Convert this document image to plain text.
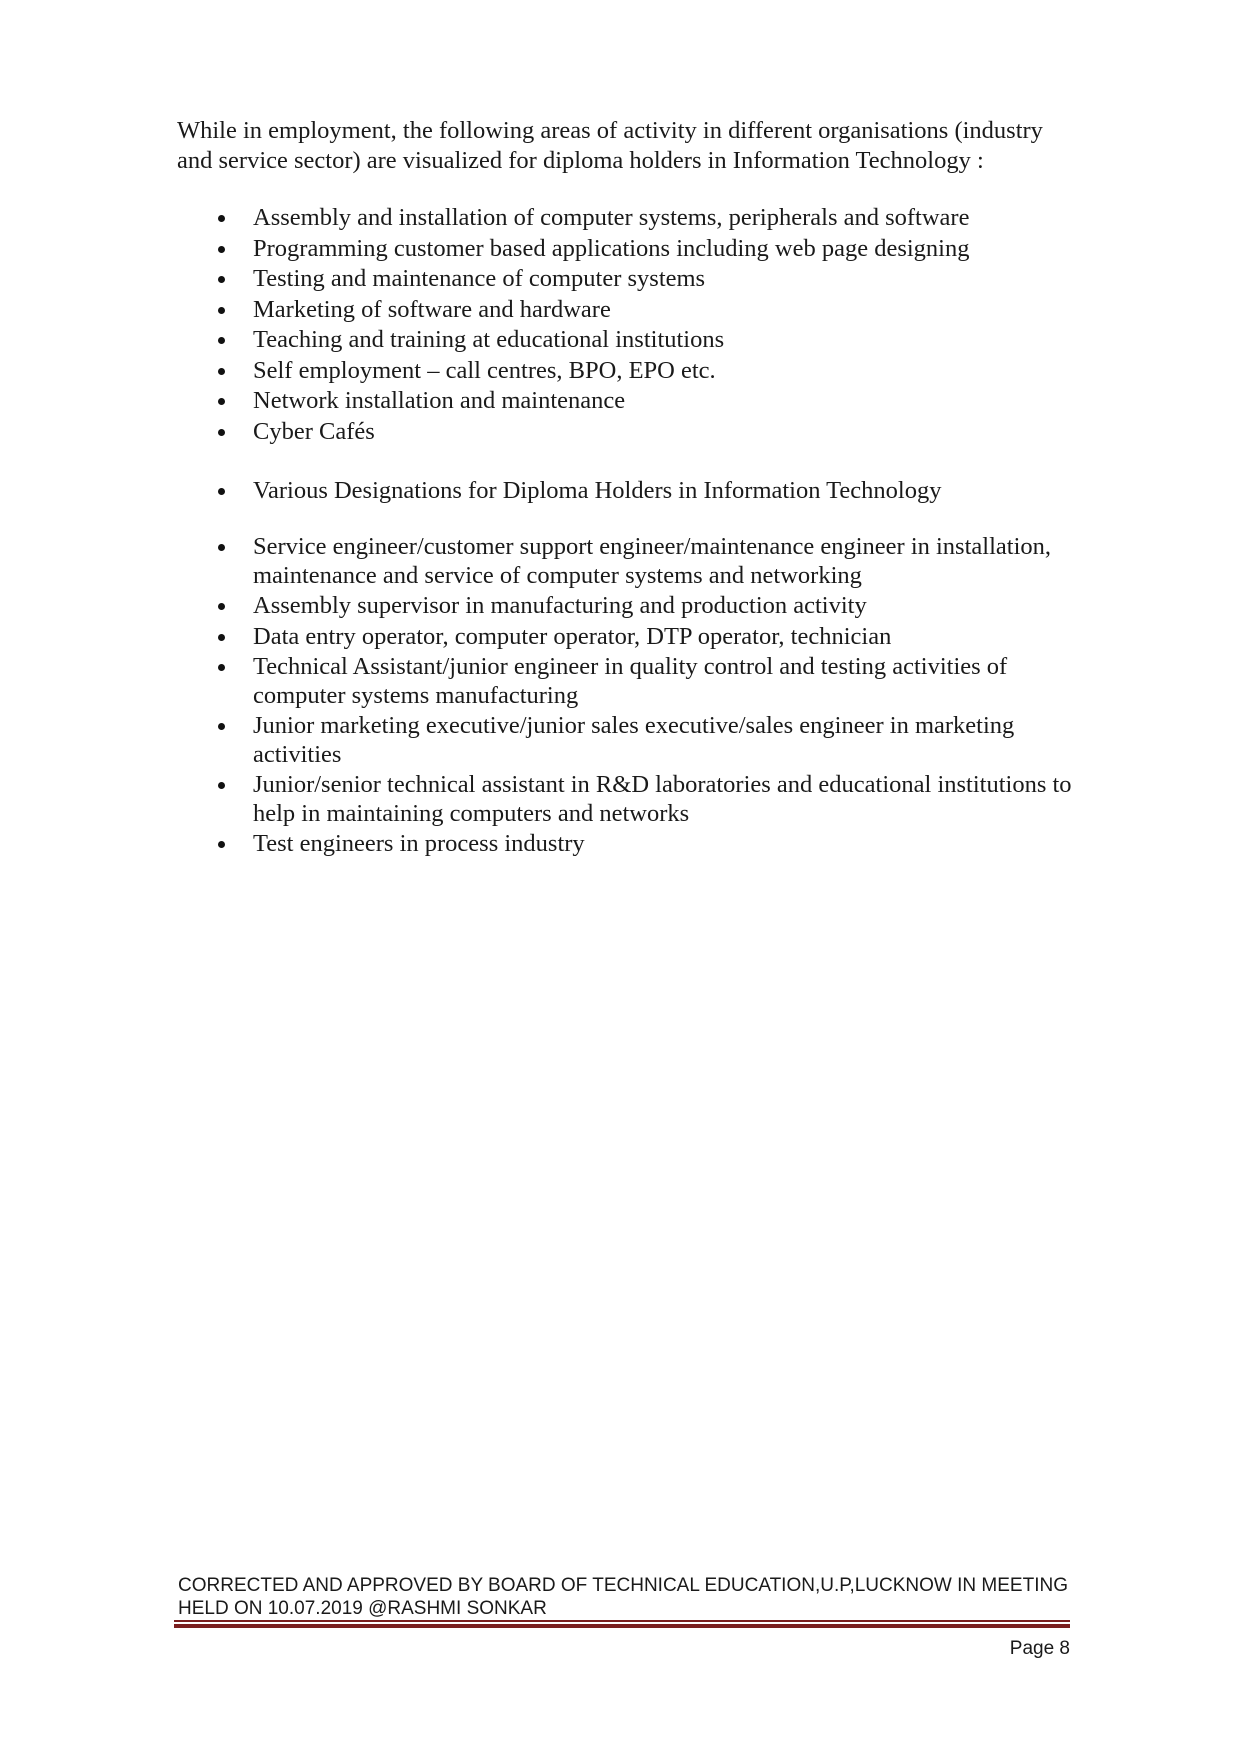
While in employment, the following areas of activity in different organisations (industry and service sector) are visualized for diploma holders in Information Technology :

Assembly and installation of computer systems, peripherals and software
Programming customer based applications including web page designing
Testing and maintenance of computer systems
Marketing of software and hardware
Teaching and training at educational institutions
Self employment – call centres, BPO, EPO etc.
Network installation and maintenance
Cyber Cafés
Various Designations for Diploma Holders in Information Technology
Service engineer/customer support engineer/maintenance engineer in installation, maintenance and service of computer systems and networking
Assembly supervisor in manufacturing and production activity
Data entry operator, computer operator, DTP operator, technician
Technical Assistant/junior engineer in quality control and testing activities of computer systems manufacturing
Junior marketing executive/junior sales executive/sales engineer in marketing activities
Junior/senior technical assistant in R&D laboratories and educational institutions to help in maintaining computers and networks
Test engineers in process industry

CORRECTED AND APPROVED BY BOARD OF TECHNICAL EDUCATION,U.P,LUCKNOW IN MEETING HELD ON 10.07.2019 @RASHMI SONKAR

Page 8
